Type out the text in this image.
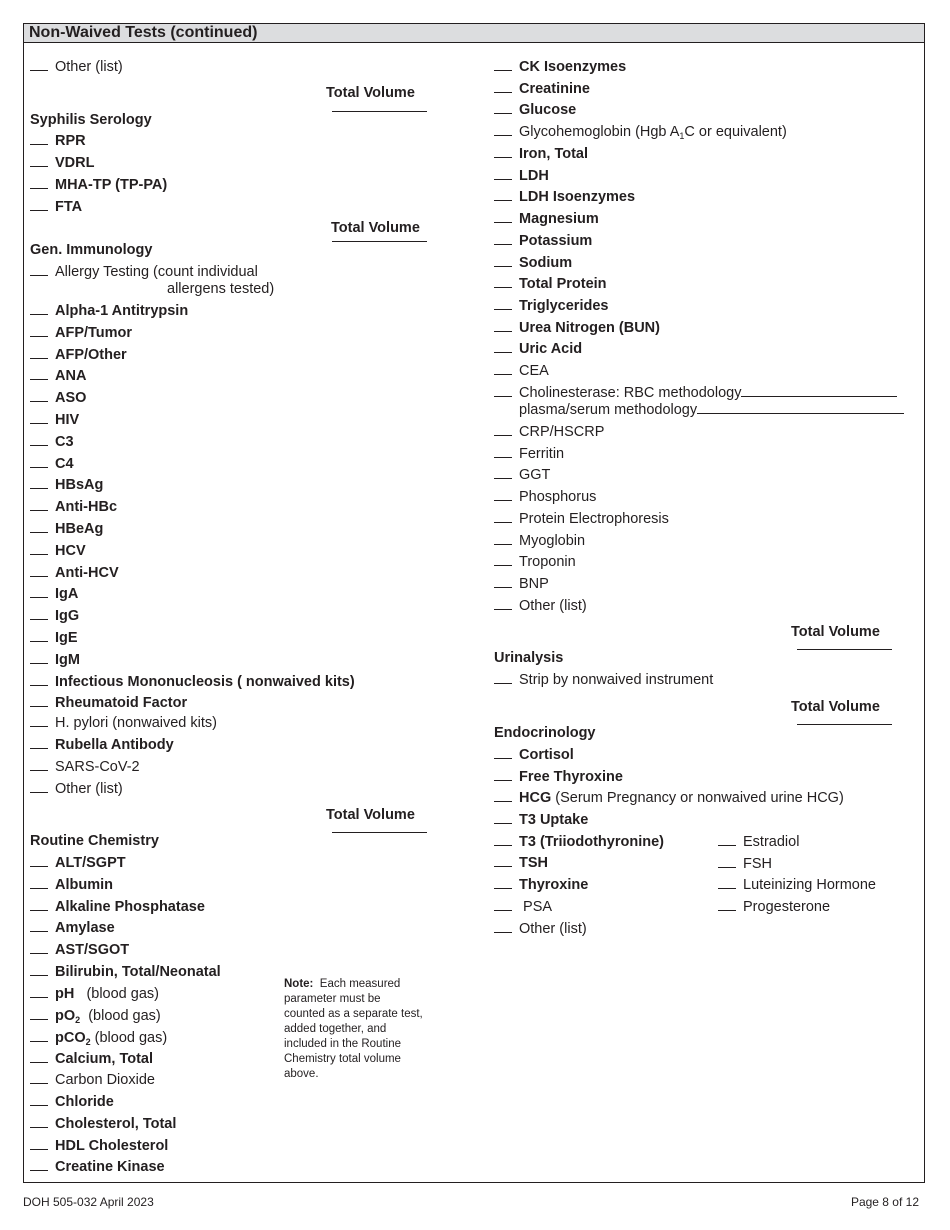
Non-Waived Tests (continued)
Other (list)
Total Volume
Syphilis Serology
RPR
VDRL
MHA-TP (TP-PA)
FTA
Total Volume
Gen. Immunology
Allergy Testing (count individual
allergens tested)
Alpha-1 Antitrypsin
AFP/Tumor
AFP/Other
ANA
ASO
HIV
C3
C4
HBsAg
Anti-HBc
HBeAg
HCV
Anti-HCV
IgA
IgG
IgE
IgM
Infectious Mononucleosis ( nonwaived kits)
Rheumatoid Factor
H. pylori (nonwaived kits)
Rubella Antibody
SARS-CoV-2
Other (list)
Total Volume
Routine Chemistry
ALT/SGPT
Albumin
Alkaline Phosphatase
Amylase
AST/SGOT
Bilirubin, Total/Neonatal
pH (blood gas)
$pO_2$ (blood gas)
pCO$_2$ (blood gas)
Calcium, Total
Carbon Dioxide
Chloride
Cholesterol, Total
HDL Cholesterol
Creatine Kinase
Note: Each measured parameter must be counted as a separate test, added together, and included in the Routine Chemistry total volume above.
CK Isoenzymes
Creatinine
Glucose
Glycohemoglobin (Hgb $A_1C$ or equivalent)
Iron, Total
LDH
LDH Isoenzymes
Magnesium
Potassium
Sodium
Total Protein
Triglycerides
Urea Nitrogen (BUN)
Uric Acid
CEA
Cholinesterase: RBC methodology
plasma/serum methodology
CRP/HSCRP
Ferritin
GGT
Phosphorus
Protein Electrophoresis
Myoglobin
Troponin
BNP
Other (list)
Total Volume
Urinalysis
Strip by nonwaived instrument
Total Volume
Endocrinology
Cortisol
Free Thyroxine
HCG (Serum Pregnancy or nonwaived urine HCG)
T3 Uptake
T3 (Triiodothyronine)
TSH
Thyroxine
PSA
Other (list)
Estradiol
FSH
Luteinizing Hormone
Progesterone
DOH 505-032 April 2023	Page 8 of 12
